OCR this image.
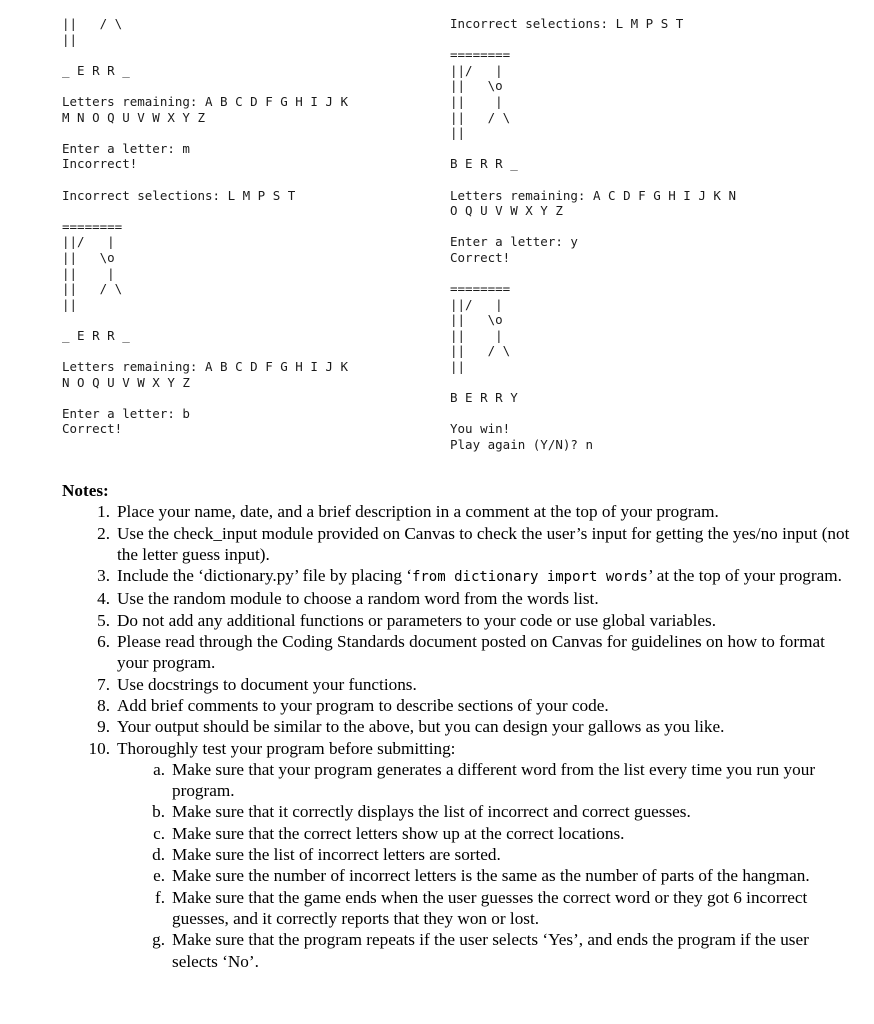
||   / \
||
_ E R R _
Letters remaining: A B C D F G H I J K
M N O Q U V W X Y Z
Enter a letter: m
Incorrect!
Incorrect selections: L M P S T
========
||/   |
||   \o
||    |
||   / \
||
_ E R R _
Letters remaining: A B C D F G H I J K
N O Q U V W X Y Z
Enter a letter: b
Correct!
Incorrect selections: L M P S T
========
||/   |
||   \o
||    |
||   / \
||
B E R R _
Letters remaining: A C D F G H I J K N
O Q U V W X Y Z
Enter a letter: y
Correct!
========
||/   |
||   \o
||    |
||   / \
||
B E R R Y
You win!
Play again (Y/N)? n

Notes:

1. Place your name, date, and a brief description in a comment at the top of your program.
2. Use the check_input module provided on Canvas to check the user’s input for getting the yes/no input (not the letter guess input).
3. Include the ‘dictionary.py’ file by placing ‘from dictionary import words’ at the top of your program.
4. Use the random module to choose a random word from the words list.
5. Do not add any additional functions or parameters to your code or use global variables.
6. Please read through the Coding Standards document posted on Canvas for guidelines on how to format your program.
7. Use docstrings to document your functions.
8. Add brief comments to your program to describe sections of your code.
9. Your output should be similar to the above, but you can design your gallows as you like.
10. Thoroughly test your program before submitting:
a. Make sure that your program generates a different word from the list every time you run your program.
b. Make sure that it correctly displays the list of incorrect and correct guesses.
c. Make sure that the correct letters show up at the correct locations.
d. Make sure the list of incorrect letters are sorted.
e. Make sure the number of incorrect letters is the same as the number of parts of the hangman.
f. Make sure that the game ends when the user guesses the correct word or they got 6 incorrect guesses, and it correctly reports that they won or lost.
g. Make sure that the program repeats if the user selects ‘Yes’, and ends the program if the user selects ‘No’.
